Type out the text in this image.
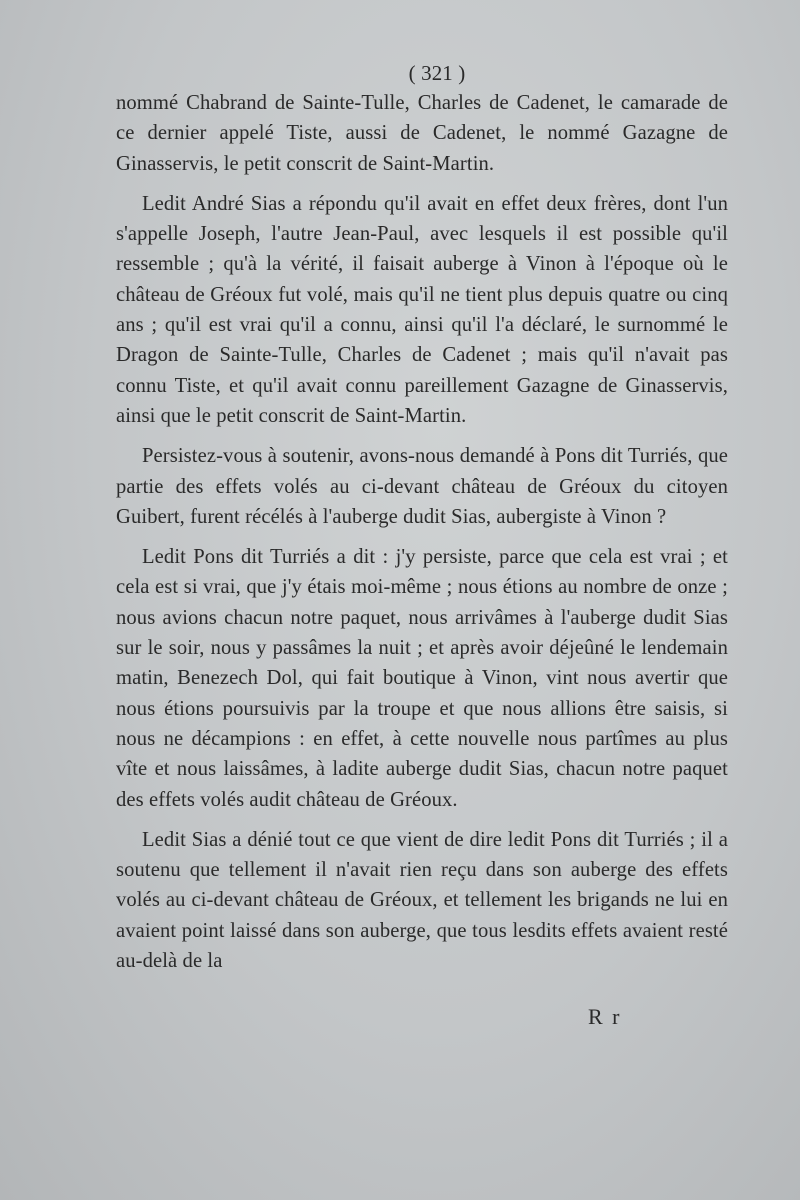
( 321 )

nommé Chabrand de Sainte-Tulle, Charles de Cadenet, le camarade de ce dernier appelé Tiste, aussi de Cadenet, le nommé Gazagne de Ginasservis, le petit conscrit de Saint-Martin.

Ledit André Sias a répondu qu'il avait en effet deux frères, dont l'un s'appelle Joseph, l'autre Jean-Paul, avec lesquels il est possible qu'il ressemble ; qu'à la vérité, il faisait auberge à Vinon à l'époque où le château de Gréoux fut volé, mais qu'il ne tient plus depuis quatre ou cinq ans ; qu'il est vrai qu'il a connu, ainsi qu'il l'a déclaré, le surnommé le Dragon de Sainte-Tulle, Charles de Cadenet ; mais qu'il n'avait pas connu Tiste, et qu'il avait connu pareillement Gazagne de Ginasservis, ainsi que le petit conscrit de Saint-Martin.

Persistez-vous à soutenir, avons-nous demandé à Pons dit Turriés, que partie des effets volés au ci-devant château de Gréoux du citoyen Guibert, furent récélés à l'auberge dudit Sias, aubergiste à Vinon ?

Ledit Pons dit Turriés a dit : j'y persiste, parce que cela est vrai ; et cela est si vrai, que j'y étais moi-même ; nous étions au nombre de onze ; nous avions chacun notre paquet, nous arrivâmes à l'auberge dudit Sias sur le soir, nous y passâmes la nuit ; et après avoir déjeûné le lendemain matin, Benezech Dol, qui fait boutique à Vinon, vint nous avertir que nous étions poursuivis par la troupe et que nous allions être saisis, si nous ne décampions : en effet, à cette nouvelle nous partîmes au plus vîte et nous laissâmes, à ladite auberge dudit Sias, chacun notre paquet des effets volés audit château de Gréoux.

Ledit Sias a dénié tout ce que vient de dire ledit Pons dit Turriés ; il a soutenu que tellement il n'avait rien reçu dans son auberge des effets volés au ci-devant château de Gréoux, et tellement les brigands ne lui en avaient point laissé dans son auberge, que tous lesdits effets avaient resté au-delà de la

R r
